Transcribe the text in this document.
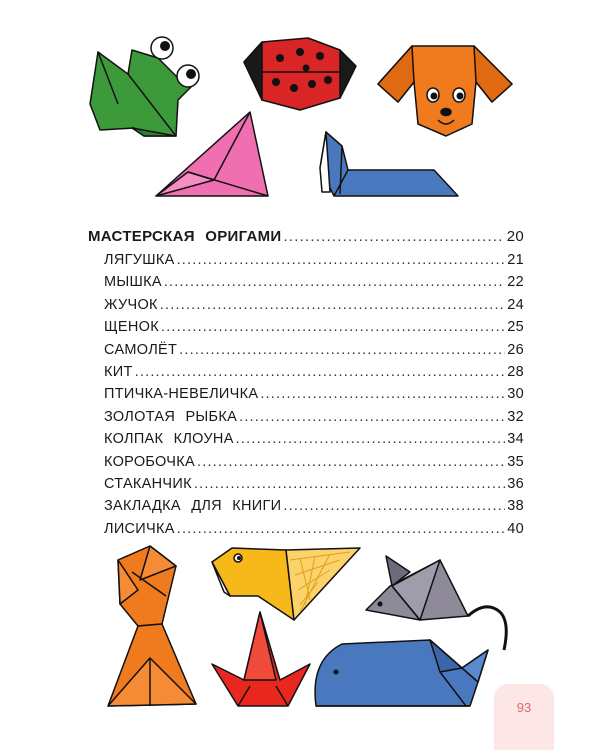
МАСТЕРСКАЯ ОРИГАМИ .....	20
ЛЯГУШКА .....	21
МЫШКА .....	22
ЖУЧОК .....	24
ЩЕНОК .....	25
САМОЛЁТ .....	26
КИТ .....	28
ПТИЧКА-НЕВЕЛИЧКА .....	30
ЗОЛОТАЯ РЫБКА .....	32
КОЛПАК КЛОУНА .....	34
КОРОБОЧКА .....	35
СТАКАНЧИК .....	36
ЗАКЛАДКА ДЛЯ КНИГИ .....	38
ЛИСИЧКА .....	40
93
